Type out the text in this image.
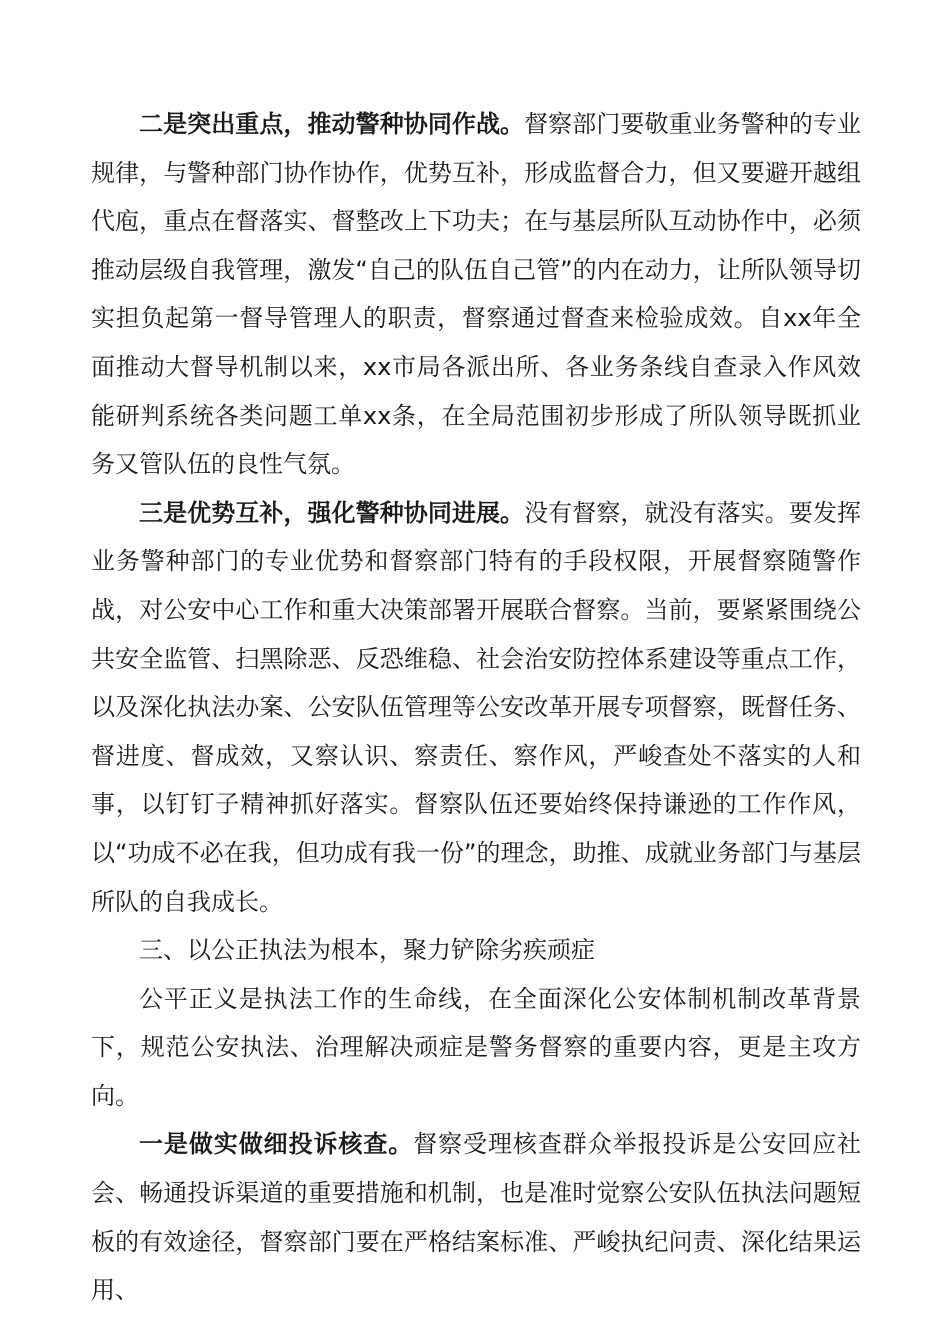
二是突出重点，推动警种协同作战。督察部门要敬重业务警种的专业规律，与警种部门协作协作，优势互补，形成监督合力，但又要避开越组代庖，重点在督落实、督整改上下功夫；在与基层所队互动协作中，必须推动层级自我管理，激发“自己的队伍自己管”的内在动力，让所队领导切实担负起第一督导管理人的职责，督察通过督查来检验成效。自xx年全面推动大督导机制以来，xx市局各派出所、各业务条线自查录入作风效能研判系统各类问题工单xx条，在全局范围初步形成了所队领导既抓业务又管队伍的良性气氛。

三是优势互补，强化警种协同进展。没有督察，就没有落实。要发挥业务警种部门的专业优势和督察部门特有的手段权限，开展督察随警作战，对公安中心工作和重大决策部署开展联合督察。当前，要紧紧围绕公共安全监管、扫黑除恶、反恐维稳、社会治安防控体系建设等重点工作，以及深化执法办案、公安队伍管理等公安改革开展专项督察，既督任务、督进度、督成效，又察认识、察责任、察作风，严峻查处不落实的人和事，以钉钉子精神抓好落实。督察队伍还要始终保持谦逊的工作作风，以“功成不必在我，但功成有我一份”的理念，助推、成就业务部门与基层所队的自我成长。

三、以公正执法为根本，聚力铲除劣疾顽症

公平正义是执法工作的生命线，在全面深化公安体制机制改革背景下，规范公安执法、治理解决顽症是警务督察的重要内容，更是主攻方向。

一是做实做细投诉核查。督察受理核查群众举报投诉是公安回应社会、畅通投诉渠道的重要措施和机制，也是准时觉察公安队伍执法问题短板的有效途径，督察部门要在严格结案标准、严峻执纪问责、深化结果运用、
